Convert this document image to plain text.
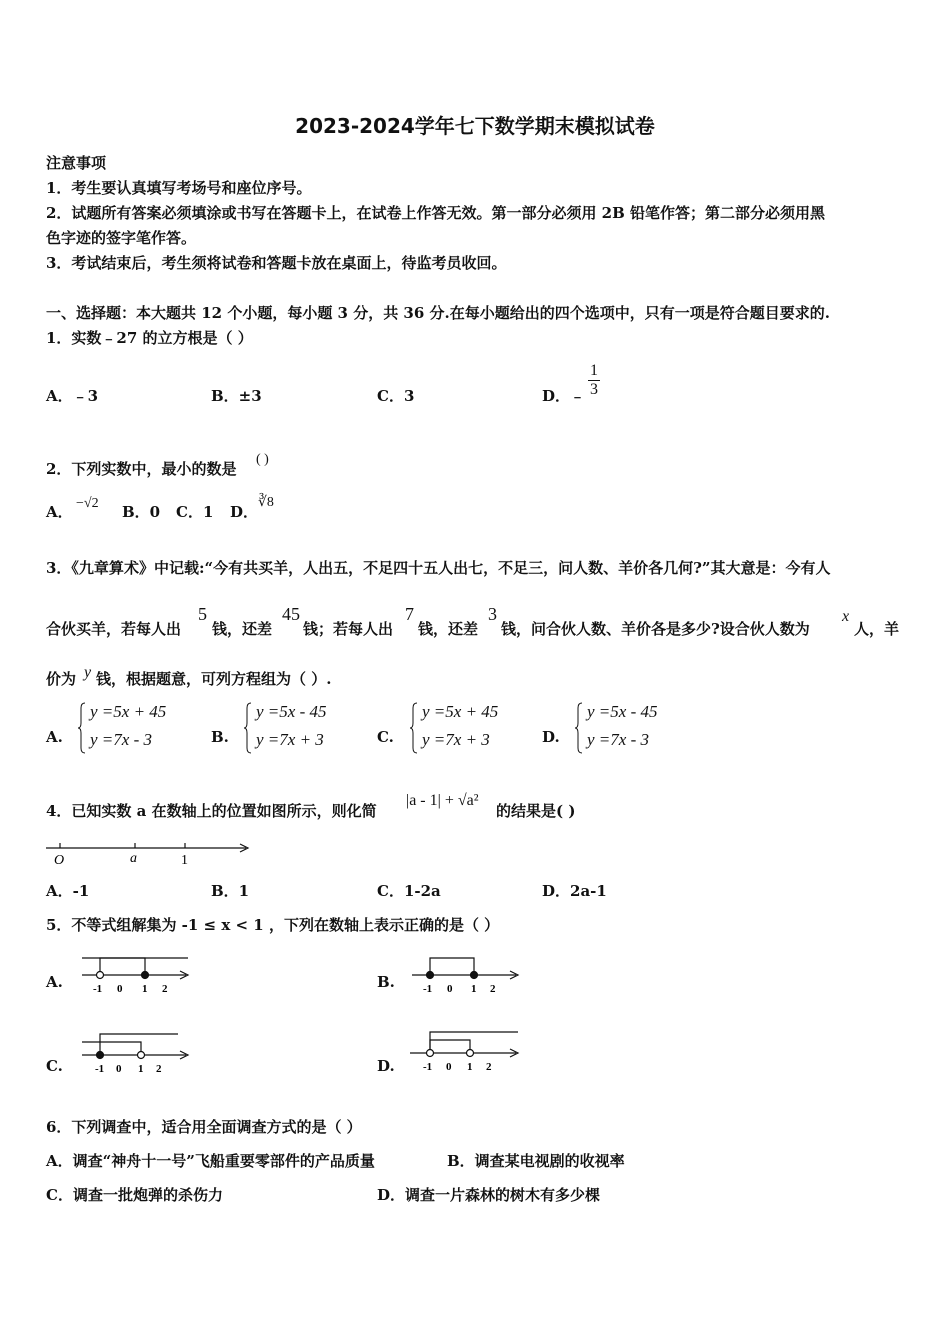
2023-2024学年七下数学期末模拟试卷
注意事项
1．考生要认真填写考场号和座位序号。
2．试题所有答案必须填涂或书写在答题卡上，在试卷上作答无效。第一部分必须用 2B 铅笔作答；第二部分必须用黑
色字迹的签字笔作答。
3．考试结束后，考生须将试卷和答题卡放在桌面上，待监考员收回。
一、选择题：本大题共 12 个小题，每小题 3 分，共 36 分.在每小题给出的四个选项中，只有一项是符合题目要求的.
1．实数﹣27 的立方根是（ ）
A．﹣3	B．±3	C．3	D．﹣ $\frac{1}{3}$
2．下列实数中，最小的数是
( )
A． −√2 B．0 C．1 D．
∛8
3．《九章算术》中记载:“今有共买羊，人出五，不足四十五人出七，不足三，问人数、羊价各几何?”其大意是：今有人
合伙买羊，若每人出
5
钱，还差
45
钱；若每人出
7
钱，还差
3
钱，问合伙人数、羊价各是多少?设合伙人数为
x
人，羊
价为 y 钱，根据题意，可列方程组为（ ）.
A.
y =5x + 45
y =7x - 3	B.
y =5x - 45
y =7x + 3	C.
y =5x + 45
y =7x + 3	D.
y =5x - 45
y =7x - 3
4．已知实数 a 在数轴上的位置如图所示，则化简
|a - 1| + √a²
的结果是( )
O	a	1
A．-1	B．1	C．1-2a	D．2a-1
5．不等式组解集为 -1 ≤ x < 1 ，下列在数轴上表示正确的是（ ）
A.	-1 0 1 2	B.	-1 0 1 2
C.	-1 0 1 2	D.	-1 0 1 2
6．下列调查中，适合用全面调查方式的是（ ）
A．调查“神舟十一号”飞船重要零部件的产品质量	B．调查某电视剧的收视率
C．调查一批炮弹的杀伤力	D．调查一片森林的树木有多少棵
